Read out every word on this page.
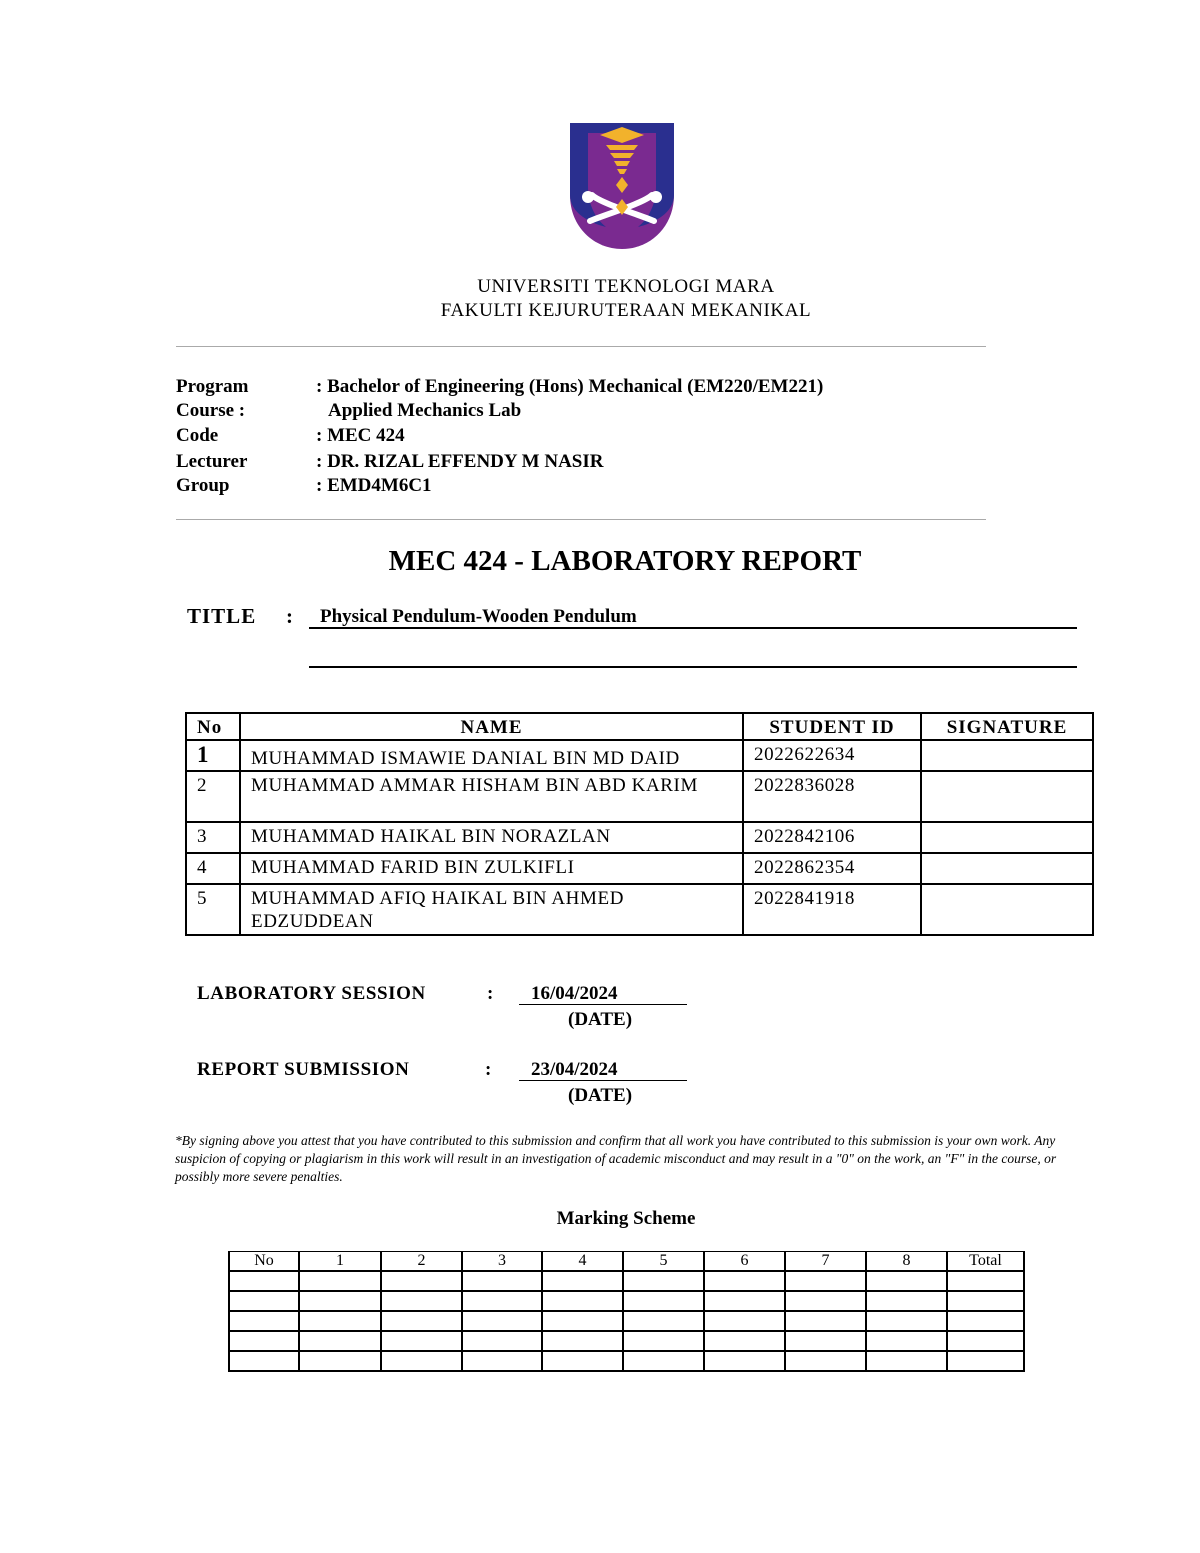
UNIVERSITI TEKNOLOGI MARA
FAKULTI KEJURUTERAAN MEKANIKAL
Program	: Bachelor of Engineering (Hons) Mechanical (EM220/EM221)
Course :	Applied Mechanics Lab
Code	: MEC 424
Lecturer	: DR. RIZAL EFFENDY M NASIR
Group	: EMD4M6C1
MEC 424 - LABORATORY REPORT
TITLE : Physical Pendulum-Wooden Pendulum
No	NAME	STUDENT ID	SIGNATURE
1	MUHAMMAD ISMAWIE DANIAL BIN MD DAID	2022622634	
2	MUHAMMAD AMMAR HISHAM BIN ABD KARIM	2022836028	
3	MUHAMMAD HAIKAL BIN NORAZLAN	2022842106	
4	MUHAMMAD FARID BIN ZULKIFLI	2022862354	
5	MUHAMMAD AFIQ HAIKAL BIN AHMED EDZUDDEAN	2022841918	
LABORATORY SESSION	: 16/04/2024
(DATE)
REPORT SUBMISSION	: 23/04/2024
(DATE)
*By signing above you attest that you have contributed to this submission and confirm that all work you have contributed to this submission is your own work. Any suspicion of copying or plagiarism in this work will result in an investigation of academic misconduct and may result in a "0" on the work, an "F" in the course, or possibly more severe penalties.
Marking Scheme
No	1	2	3	4	5	6	7	8	Total
